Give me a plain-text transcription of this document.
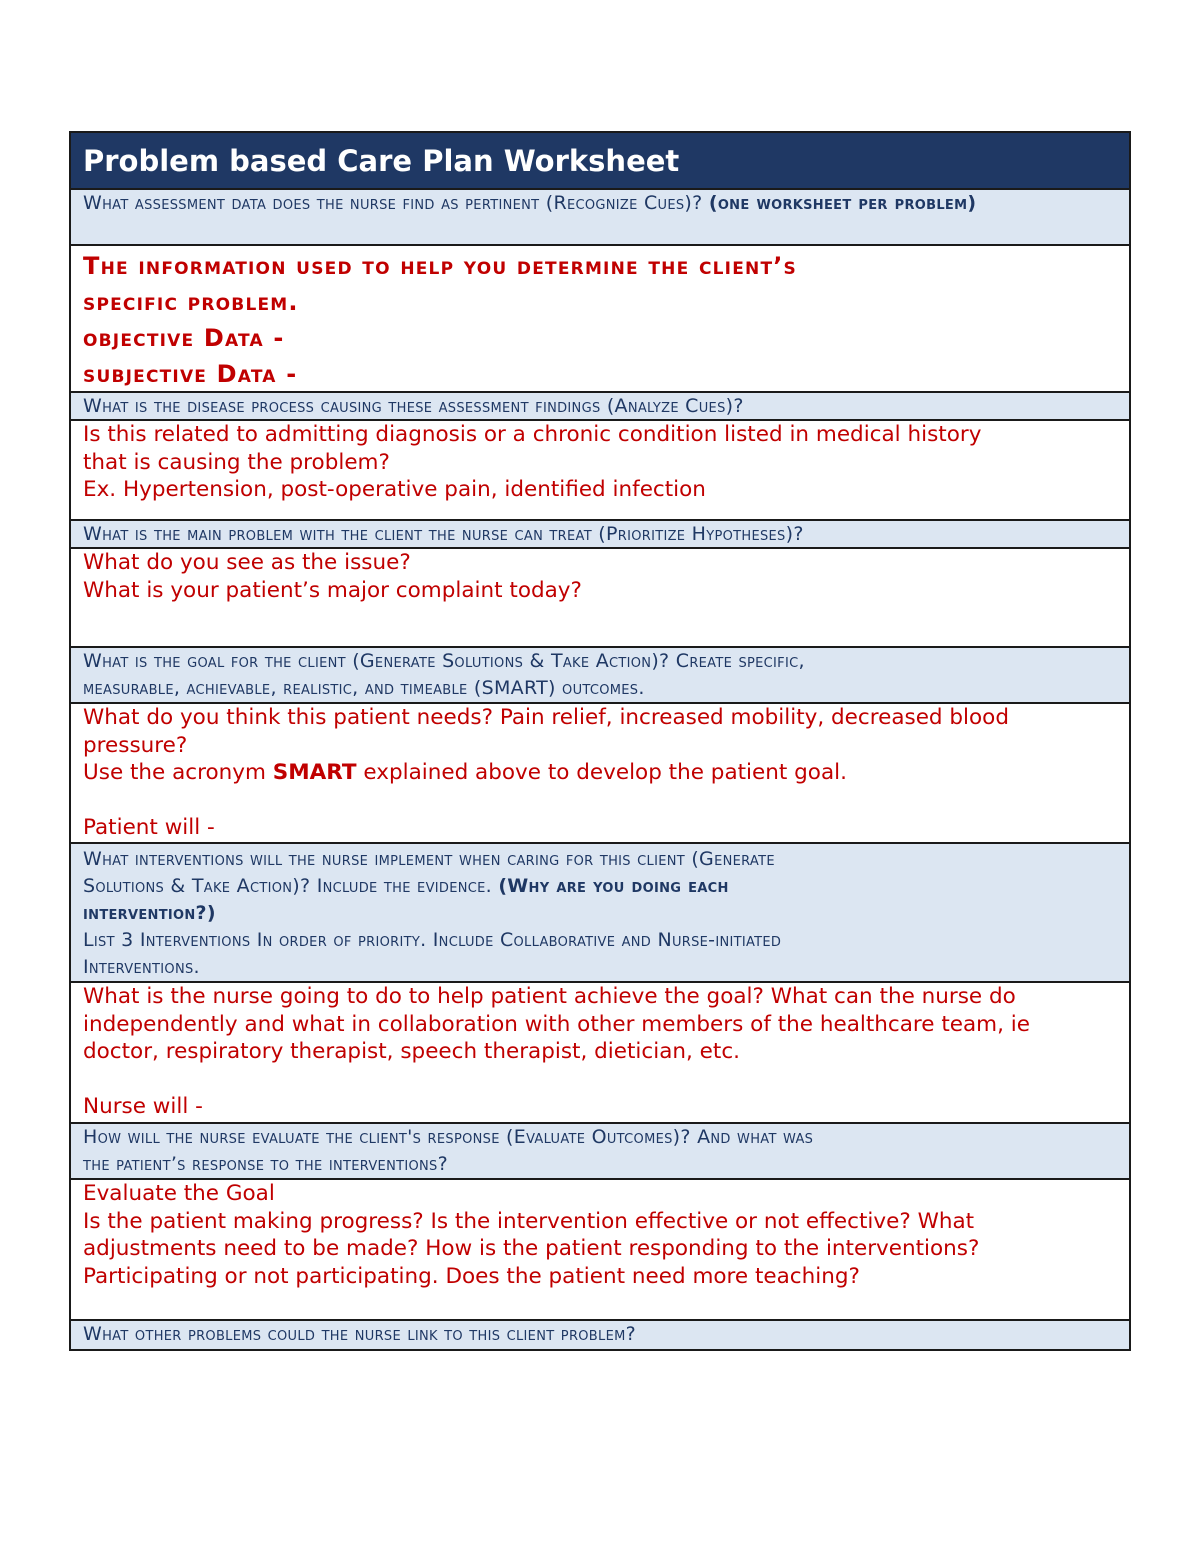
Problem based Care Plan Worksheet
What assessment data does the nurse find as pertinent (Recognize Cues)? (one worksheet per problem)
The information used to help you determine the client’s
specific problem.
objective Data -
subjective Data -
What is the disease process causing these assessment findings (Analyze Cues)?
Is this related to admitting diagnosis or a chronic condition listed in medical history
that is causing the problem?
Ex. Hypertension, post-operative pain, identified infection
What is the main problem with the client the nurse can treat (Prioritize Hypotheses)?
What do you see as the issue?
What is your patient’s major complaint today?
What is the goal for the client (Generate Solutions & Take Action)? Create specific,
measurable, achievable, realistic, and timeable (SMART) outcomes.
What do you think this patient needs? Pain relief, increased mobility, decreased blood
pressure?
Use the acronym SMART explained above to develop the patient goal.
Patient will -
What interventions will the nurse implement when caring for this client (Generate
Solutions & Take Action)? Include the evidence. (Why are you doing each
intervention?)
List 3 Interventions In order of priority. Include Collaborative and Nurse-initiated
Interventions.
What is the nurse going to do to help patient achieve the goal? What can the nurse do
independently and what in collaboration with other members of the healthcare team, ie
doctor, respiratory therapist, speech therapist, dietician, etc.
Nurse will -
How will the nurse evaluate the client's response (Evaluate Outcomes)? And what was
the patient’s response to the interventions?
Evaluate the Goal
Is the patient making progress? Is the intervention effective or not effective? What
adjustments need to be made? How is the patient responding to the interventions?
Participating or not participating. Does the patient need more teaching?
What other problems could the nurse link to this client problem?
